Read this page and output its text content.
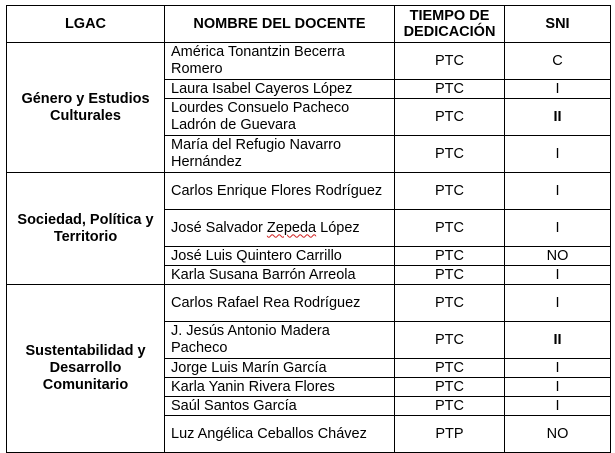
LGAC	NOMBRE DEL DOCENTE	TIEMPO DE DEDICACIÓN	SNI
Género y Estudios Culturales	América Tonantzin Becerra Romero	PTC	C
	Laura Isabel Cayeros López	PTC	I
	Lourdes Consuelo Pacheco Ladrón de Guevara	PTC	II
	María del Refugio Navarro Hernández	PTC	I
Sociedad, Política y Territorio	Carlos Enrique Flores Rodríguez	PTC	I
	José Salvador Zepeda López	PTC	I
	José Luis Quintero Carrillo	PTC	NO
	Karla Susana Barrón Arreola	PTC	I
Sustentabilidad y Desarrollo Comunitario	Carlos Rafael Rea Rodríguez	PTC	I
	J. Jesús Antonio Madera Pacheco	PTC	II
	Jorge Luis Marín García	PTC	I
	Karla Yanin Rivera Flores	PTC	I
	Saúl Santos García	PTC	I
	Luz Angélica Ceballos Chávez	PTP	NO
